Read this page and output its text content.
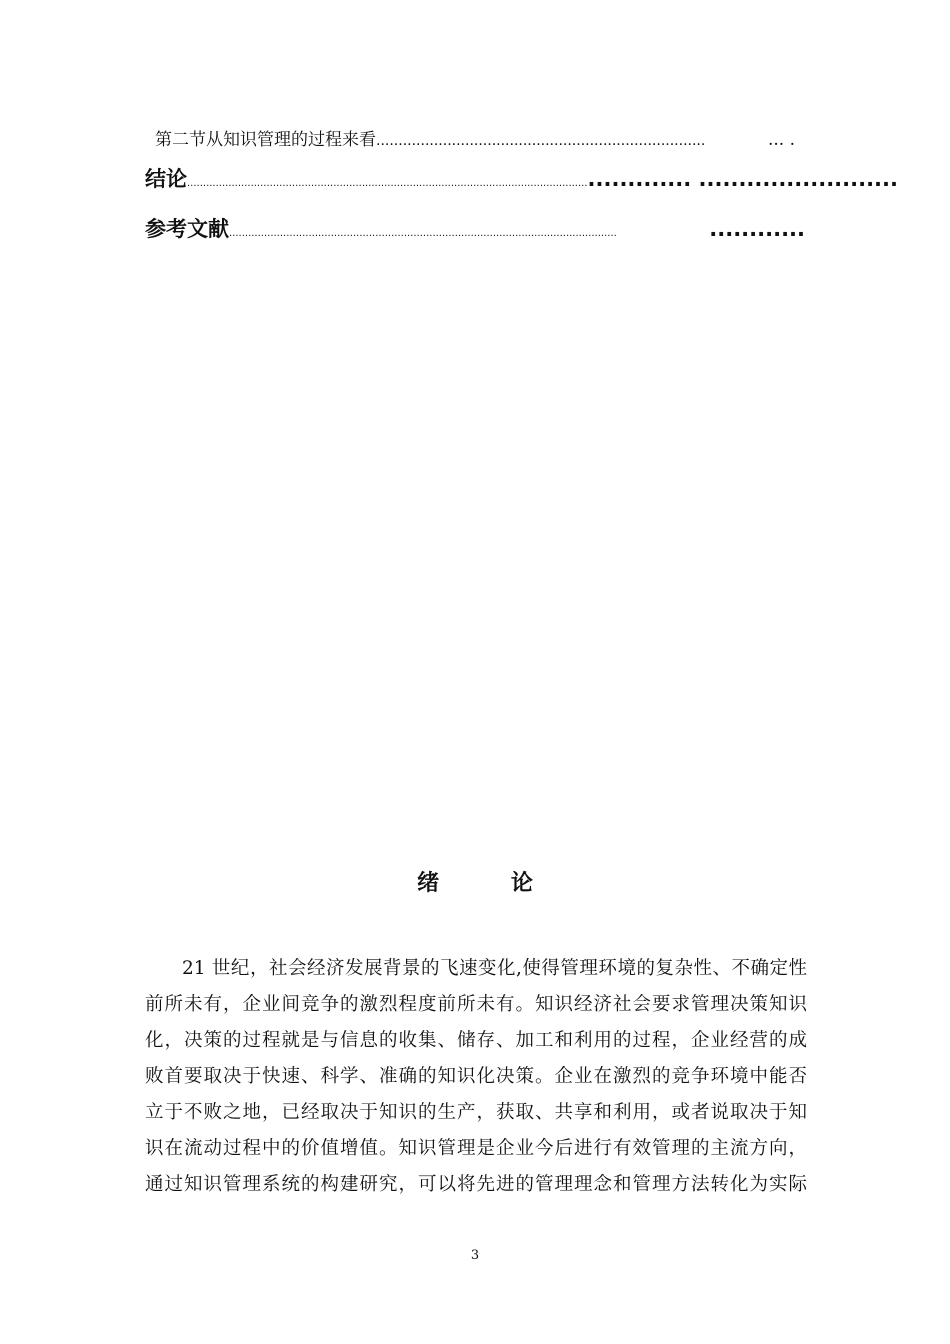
第二节从知识管理的过程来看 ..........................................................................	... .
结论 .............................................................................................................................. ............. .........................
参考文献 ..........................................................................................................................	............
绪 论
21 世纪，社会经济发展背景的飞速变化,使得管理环境的复杂性、不确定性
前所未有，企业间竞争的激烈程度前所未有。知识经济社会要求管理决策知识
化，决策的过程就是与信息的收集、储存、加工和利用的过程，企业经营的成
败首要取决于快速、科学、准确的知识化决策。企业在激烈的竞争环境中能否
立于不败之地，已经取决于知识的生产，获取、共享和利用，或者说取决于知
识在流动过程中的价值增值。知识管理是企业今后进行有效管理的主流方向，
通过知识管理系统的构建研究，可以将先进的管理理念和管理方法转化为实际
3
